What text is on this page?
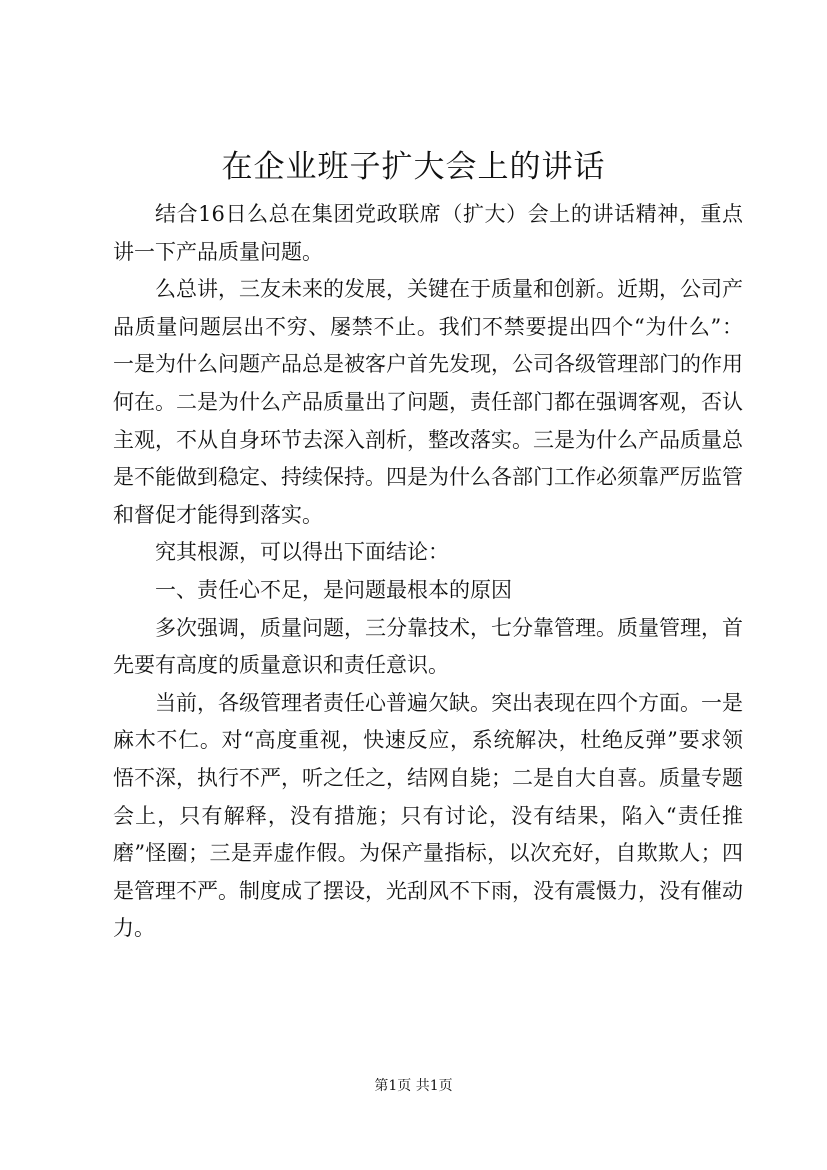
在企业班子扩大会上的讲话

结合16日么总在集团党政联席（扩大）会上的讲话精神，重点讲一下产品质量问题。

么总讲，三友未来的发展，关键在于质量和创新。近期，公司产品质量问题层出不穷、屡禁不止。我们不禁要提出四个“为什么”：一是为什么问题产品总是被客户首先发现，公司各级管理部门的作用何在。二是为什么产品质量出了问题，责任部门都在强调客观，否认主观，不从自身环节去深入剖析，整改落实。三是为什么产品质量总是不能做到稳定、持续保持。四是为什么各部门工作必须靠严厉监管和督促才能得到落实。

究其根源，可以得出下面结论：

一、责任心不足，是问题最根本的原因

多次强调，质量问题，三分靠技术，七分靠管理。质量管理，首先要有高度的质量意识和责任意识。

当前，各级管理者责任心普遍欠缺。突出表现在四个方面。一是麻木不仁。对“高度重视，快速反应，系统解决，杜绝反弹”要求领悟不深，执行不严，听之任之，结网自毙；二是自大自喜。质量专题会上，只有解释，没有措施；只有讨论，没有结果，陷入“责任推磨”怪圈；三是弄虚作假。为保产量指标，以次充好，自欺欺人；四是管理不严。制度成了摆设，光刮风不下雨，没有震慑力，没有催动力。

第1页 共1页
